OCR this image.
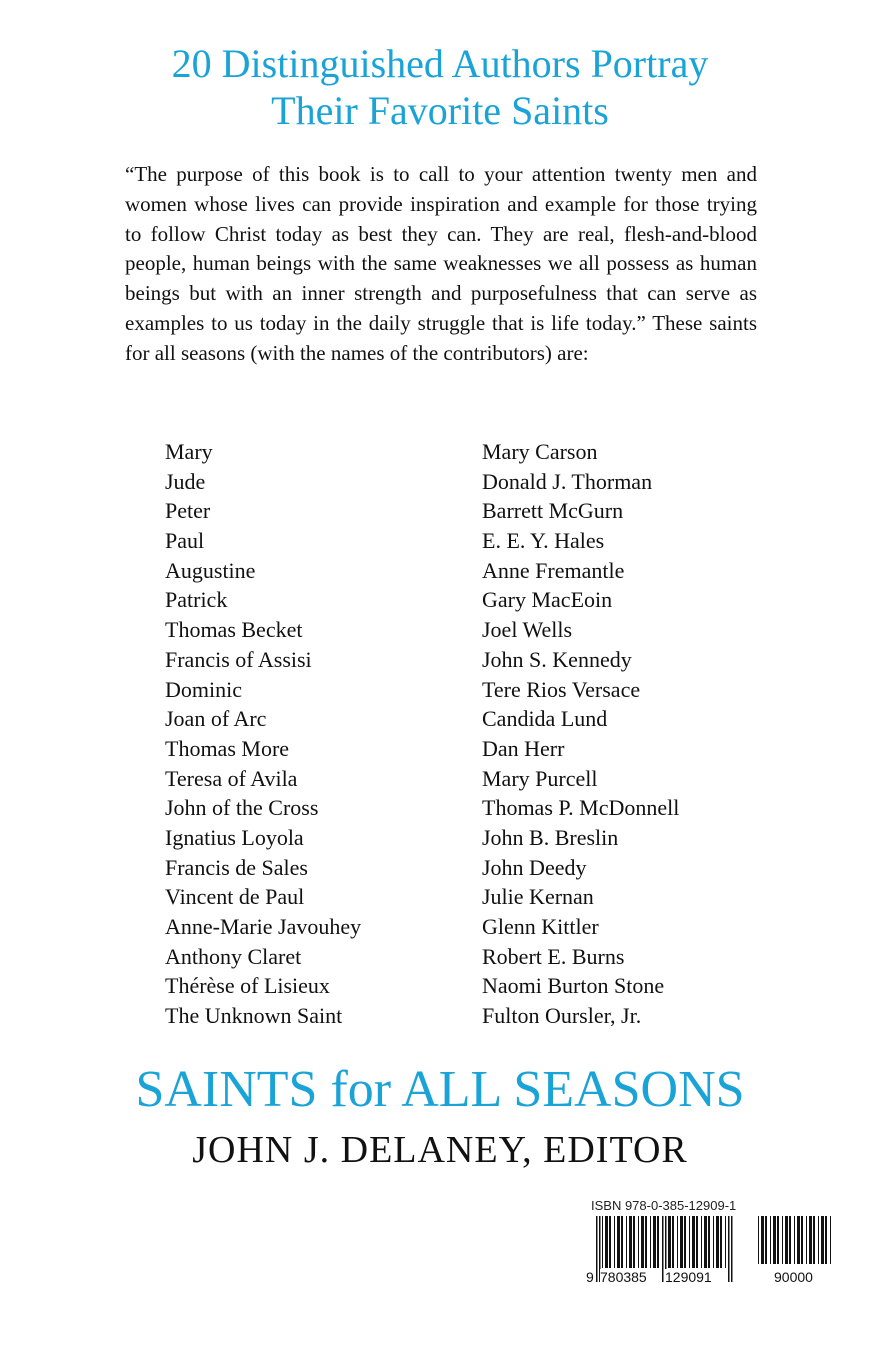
20 Distinguished Authors Portray
Their Favorite Saints
“The purpose of this book is to call to your attention twenty men and women whose lives can provide inspiration and example for those trying to follow Christ today as best they can. They are real, flesh-and-blood people, human beings with the same weaknesses we all possess as human beings but with an inner strength and purposefulness that can serve as examples to us today in the daily struggle that is life today.” These saints for all seasons (with the names of the contributors) are:
Mary
Jude
Peter
Paul
Augustine
Patrick
Thomas Becket
Francis of Assisi
Dominic
Joan of Arc
Thomas More
Teresa of Avila
John of the Cross
Ignatius Loyola
Francis de Sales
Vincent de Paul
Anne-Marie Javouhey
Anthony Claret
Thérèse of Lisieux
The Unknown Saint
Mary Carson
Donald J. Thorman
Barrett McGurn
E. E. Y. Hales
Anne Fremantle
Gary MacEoin
Joel Wells
John S. Kennedy
Tere Rios Versace
Candida Lund
Dan Herr
Mary Purcell
Thomas P. McDonnell
John B. Breslin
John Deedy
Julie Kernan
Glenn Kittler
Robert E. Burns
Naomi Burton Stone
Fulton Oursler, Jr.
SAINTS for ALL SEASONS
JOHN J. DELANEY, EDITOR
ISBN 978-0-385-12909-1
9 780385 129091	90000
